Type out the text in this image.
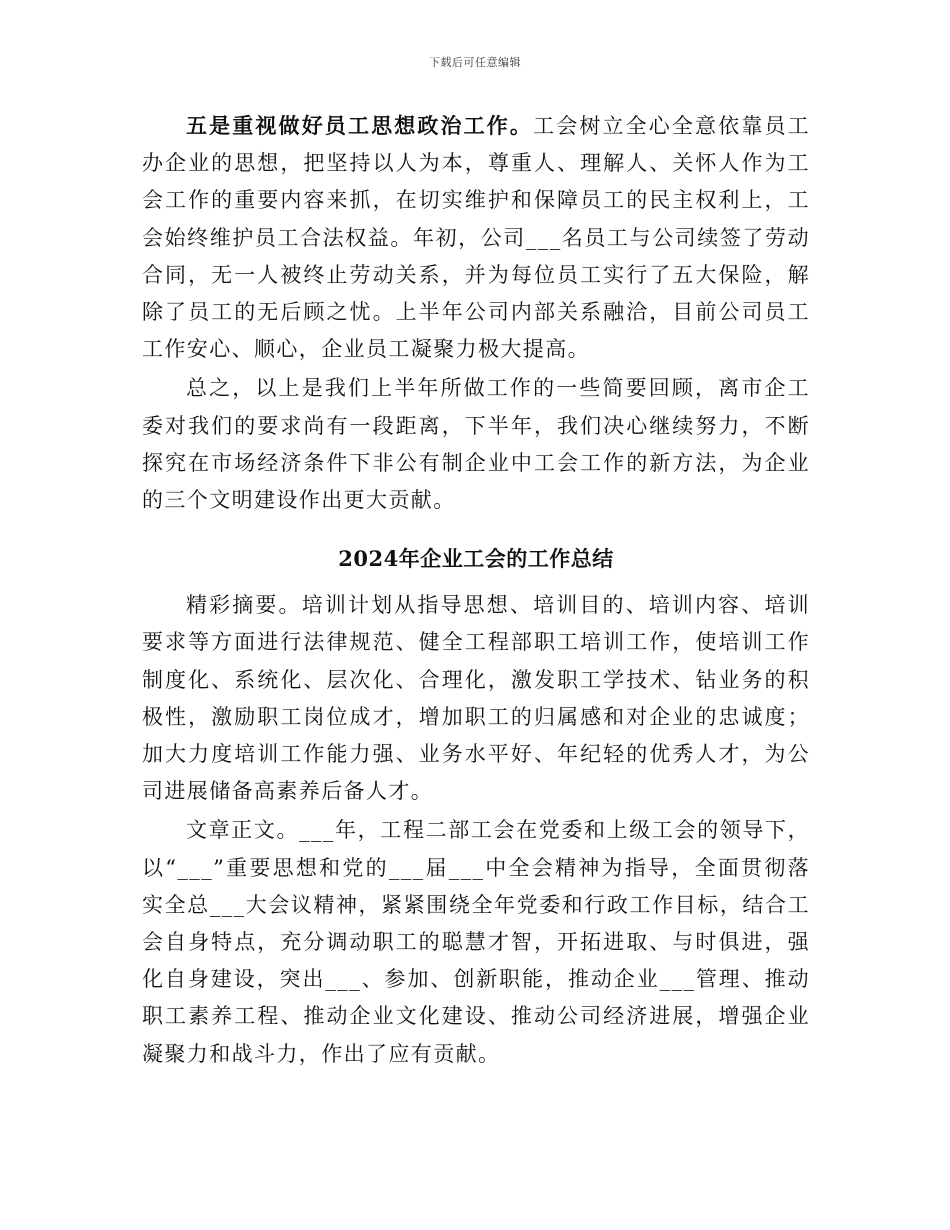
下载后可任意编辑

五是重视做好员工思想政治工作。工会树立全心全意依靠员工办企业的思想，把坚持以人为本，尊重人、理解人、关怀人作为工会工作的重要内容来抓，在切实维护和保障员工的民主权利上，工会始终维护员工合法权益。年初，公司___名员工与公司续签了劳动合同，无一人被终止劳动关系，并为每位员工实行了五大保险，解除了员工的无后顾之忧。上半年公司内部关系融洽，目前公司员工工作安心、顺心，企业员工凝聚力极大提高。

总之，以上是我们上半年所做工作的一些简要回顾，离市企工委对我们的要求尚有一段距离，下半年，我们决心继续努力，不断探究在市场经济条件下非公有制企业中工会工作的新方法，为企业的三个文明建设作出更大贡献。

2024年企业工会的工作总结

精彩摘要。培训计划从指导思想、培训目的、培训内容、培训要求等方面进行法律规范、健全工程部职工培训工作，使培训工作制度化、系统化、层次化、合理化，激发职工学技术、钻业务的积极性，激励职工岗位成才，增加职工的归属感和对企业的忠诚度；加大力度培训工作能力强、业务水平好、年纪轻的优秀人才，为公司进展储备高素养后备人才。

文章正文。___年，工程二部工会在党委和上级工会的领导下，以“___”重要思想和党的___届___中全会精神为指导，全面贯彻落实全总___大会议精神，紧紧围绕全年党委和行政工作目标，结合工会自身特点，充分调动职工的聪慧才智，开拓进取、与时俱进，强化自身建设，突出___、参加、创新职能，推动企业___管理、推动职工素养工程、推动企业文化建设、推动公司经济进展，增强企业凝聚力和战斗力，作出了应有贡献。
